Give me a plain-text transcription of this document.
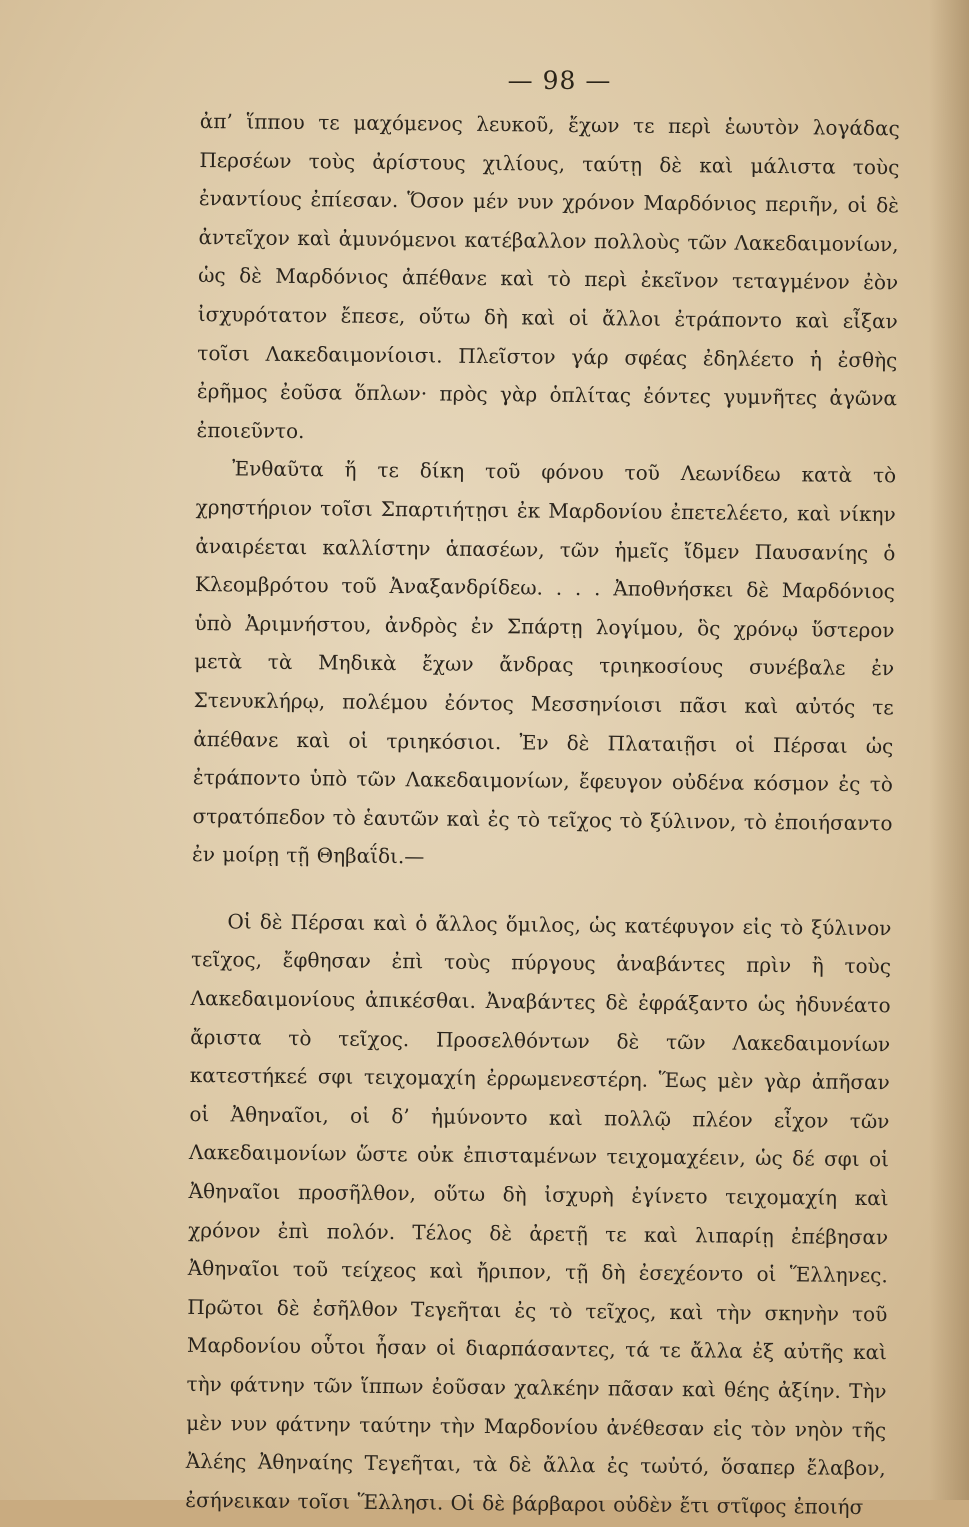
— 98 —

ἀπ’ ἵππου τε μαχόμενος λευκοῦ, ἔχων τε περὶ ἑωυτὸν λογάδας Περσέων τοὺς ἀρίστους χιλίους, ταύτῃ δὲ καὶ μάλιστα τοὺς ἐναντίους ἐπίεσαν. Ὅσον μέν νυν χρόνον Μαρδόνιος περιῆν, οἱ δὲ ἀντεῖχον καὶ ἀμυνόμενοι κατέβαλλον πολλοὺς τῶν Λακεδαιμονίων, ὡς δὲ Μαρδόνιος ἀπέθανε καὶ τὸ περὶ ἐκεῖνον τεταγμένον ἐὸν ἰσχυρότατον ἔπεσε, οὕτω δὴ καὶ οἱ ἄλλοι ἐτράποντο καὶ εἶξαν τοῖσι Λακεδαιμονίοισι. Πλεῖστον γάρ σφέας ἐδηλέετο ἡ ἐσθὴς ἐρῆμος ἐοῦσα ὅπλων· πρὸς γὰρ ὁπλίτας ἐόντες γυμνῆτες ἀγῶνα ἐποιεῦντο.

Ἐνθαῦτα ἥ τε δίκη τοῦ φόνου τοῦ Λεωνίδεω κατὰ τὸ χρηστήριον τοῖσι Σπαρτιήτῃσι ἐκ Μαρδονίου ἐπετελέετο, καὶ νίκην ἀναιρέεται καλλίστην ἁπασέων, τῶν ἡμεῖς ἴδμεν Παυσανίης ὁ Κλεομβρότου τοῦ Ἀναξανδρίδεω. . . . Ἀποθνήσκει δὲ Μαρδόνιος ὑπὸ Ἀριμνήστου, ἀνδρὸς ἐν Σπάρτῃ λογίμου, ὃς χρόνῳ ὕστερον μετὰ τὰ Μηδικὰ ἔχων ἄνδρας τριηκοσίους συνέβαλε ἐν Στενυκλήρῳ, πολέμου ἐόντος Μεσσηνίοισι πᾶσι καὶ αὐτός τε ἀπέθανε καὶ οἱ τριηκόσιοι. Ἐν δὲ Πλαταιῇσι οἱ Πέρσαι ὡς ἐτράποντο ὑπὸ τῶν Λακεδαιμονίων, ἔφευγον οὐδένα κόσμον ἐς τὸ στρατόπεδον τὸ ἑαυτῶν καὶ ἐς τὸ τεῖχος τὸ ξύλινον, τὸ ἐποιήσαντο ἐν μοίρῃ τῇ Θηβαΐδι.—

Οἱ δὲ Πέρσαι καὶ ὁ ἄλλος ὅμιλος, ὡς κατέφυγον εἰς τὸ ξύλινον τεῖχος, ἔφθησαν ἐπὶ τοὺς πύργους ἀναβάντες πρὶν ἢ τοὺς Λακεδαιμονίους ἀπικέσθαι. Ἀναβάντες δὲ ἐφράξαντο ὡς ἠδυνέατο ἄριστα τὸ τεῖχος. Προσελθόντων δὲ τῶν Λακεδαιμονίων κατεστήκεέ σφι τειχομαχίη ἐρρωμενεστέρη. Ἕως μὲν γὰρ ἀπῆσαν οἱ Ἀθηναῖοι, οἱ δ’ ἠμύνοντο καὶ πολλῷ πλέον εἶχον τῶν Λακεδαιμονίων ὥστε οὐκ ἐπισταμένων τειχομαχέειν, ὡς δέ σφι οἱ Ἀθηναῖοι προσῆλθον, οὕτω δὴ ἰσχυρὴ ἐγίνετο τειχομαχίη καὶ χρόνον ἐπὶ πολόν. Τέλος δὲ ἀρετῇ τε καὶ λιπαρίῃ ἐπέβησαν Ἀθηναῖοι τοῦ τείχεος καὶ ἤριπον, τῇ δὴ ἐσεχέοντο οἱ Ἕλληνες. Πρῶτοι δὲ ἐσῆλθον Τεγεῆται ἐς τὸ τεῖχος, καὶ τὴν σκηνὴν τοῦ Μαρδονίου οὗτοι ἦσαν οἱ διαρπάσαντες, τά τε ἄλλα ἐξ αὐτῆς καὶ τὴν φάτνην τῶν ἵππων ἐοῦσαν χαλκέην πᾶσαν καὶ θέης ἀξίην. Τὴν μὲν νυν φάτνην ταύτην τὴν Μαρδονίου ἀνέθεσαν εἰς τὸν νηὸν τῆς Ἀλέης Ἀθηναίης Τεγεῆται, τὰ δὲ ἄλλα ἐς τωὐτό, ὅσαπερ ἔλαβον, ἐσήνεικαν τοῖσι Ἕλλησι. Οἱ δὲ βάρβαροι οὐδὲν ἔτι στῖφος ἐποιήσ
